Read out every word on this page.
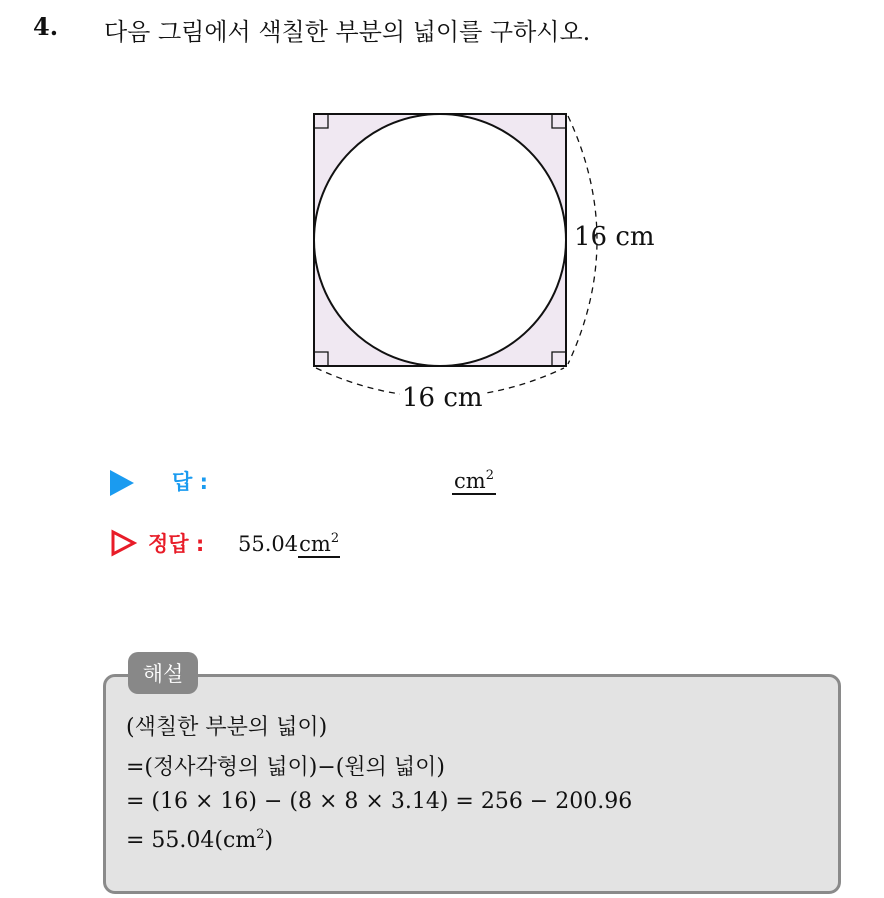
4. 다음 그림에서 색칠한 부분의 넓이를 구하시오.
16 cm
16 cm
답 :	$cm^2$
정답 : $55.04cm^2$
해설
(색칠한 부분의 넓이)
=(정사각형의 넓이)−(원의 넓이)
= (16 × 16) − (8 × 8 × 3.14) = 256 − 200.96
= $55.04(cm^2)$
